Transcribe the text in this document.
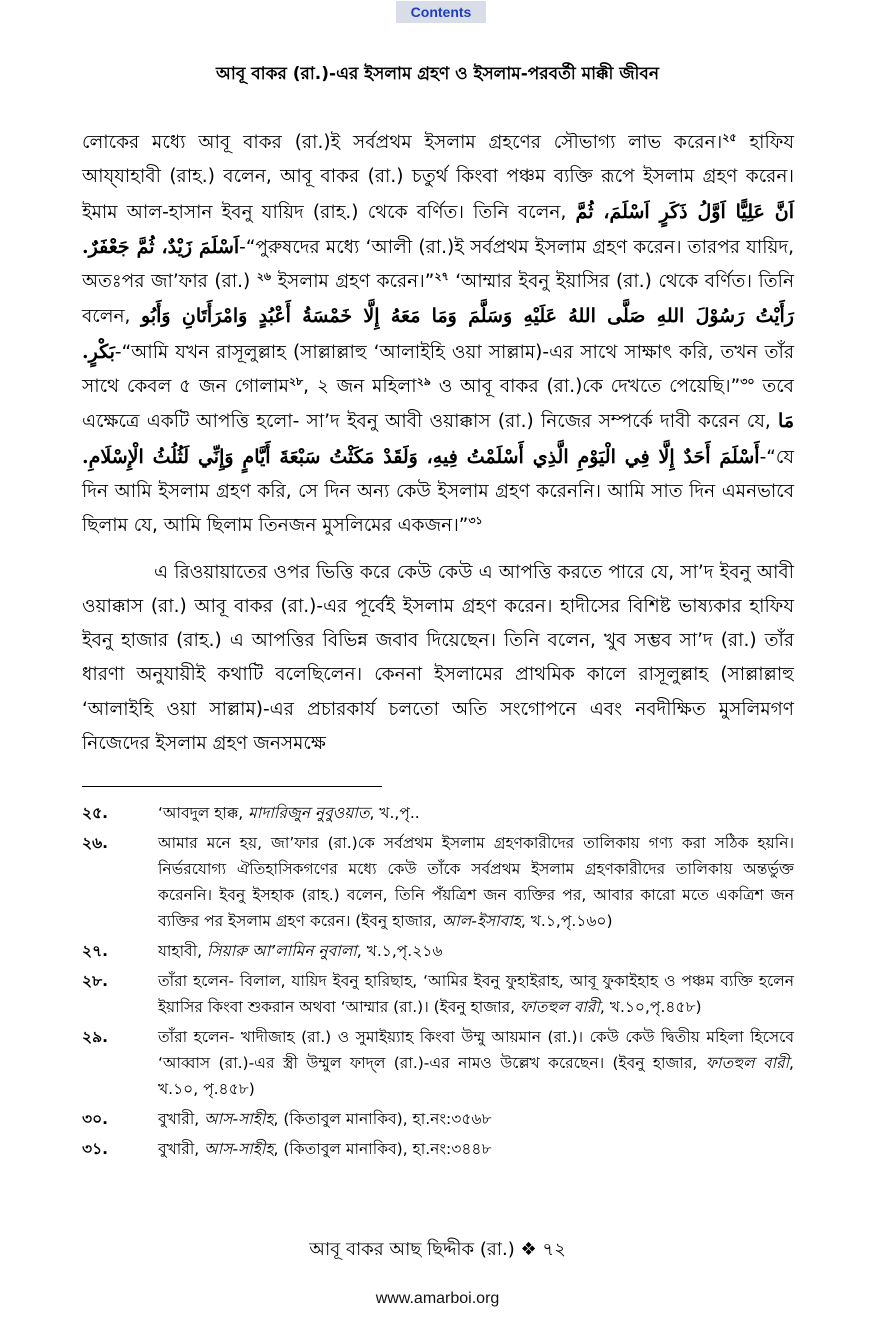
Contents
আবূ বাকর (রা.)-এর ইসলাম গ্রহণ ও ইসলাম-পরবর্তী মাক্কী জীবন

লোকের মধ্যে আবূ বাকর (রা.)ই সর্বপ্রথম ইসলাম গ্রহণের সৌভাগ্য লাভ করেন।$^{২৫}$ হাফিয আয্‌যাহাবী (রাহ.) বলেন, আবূ বাকর (রা.) চতুর্থ কিংবা পঞ্চম ব্যক্তি রূপে ইসলাম গ্রহণ করেন। ইমাম আল-হাসান ইবনু যায়িদ (রাহ.) থেকে বর্ণিত। তিনি বলেন, اَنَّ عَلِيًّا اَوَّلُ ذَكَرٍ اَسْلَمَ، ثُمَّ اَسْلَمَ زَيْدٌ، ثُمَّ جَعْفَرٌ.-“পুরুষদের মধ্যে ‘আলী (রা.)ই সর্বপ্রথম ইসলাম গ্রহণ করেন। তারপর যায়িদ, অতঃপর জা’ফার (রা.) $^{২৬}$ ইসলাম গ্রহণ করেন।”$^{২৭}$ ‘আম্মার ইবনু ইয়াসির (রা.) থেকে বর্ণিত। তিনি বলেন, رَأَيْتُ رَسُوْلَ اللهِ صَلَّى اللهُ عَلَيْهِ وَسَلَّمَ وَمَا مَعَهُ إِلَّا خَمْسَةُ أَعْبُدٍ وَامْرَأَتَانِ وَأَبُو بَكْرٍ.-“আমি যখন রাসূলুল্লাহ (সাল্লাল্লাহু ‘আলাইহি ওয়া সাল্লাম)-এর সাথে সাক্ষাৎ করি, তখন তাঁর সাথে কেবল ৫ জন গোলাম$^{২৮}$, ২ জন মহিলা$^{২৯}$ ও আবূ বাকর (রা.)কে দেখতে পেয়েছি।”$^{৩০}$ তবে এক্ষেত্রে একটি আপত্তি হলো- সা’দ ইবনু আবী ওয়াক্কাস (রা.) নিজের সম্পর্কে দাবী করেন যে, مَا أَسْلَمَ أَحَدٌ إِلَّا فِي الْيَوْمِ الَّذِي أَسْلَمْتُ فِيهِ، وَلَقَدْ مَكَثْتُ سَبْعَةَ أَيَّامٍ وَإِنِّي لَثُلُثُ الْإِسْلَامِ.-“যে দিন আমি ইসলাম গ্রহণ করি, সে দিন অন্য কেউ ইসলাম গ্রহণ করেননি। আমি সাত দিন এমনভাবে ছিলাম যে, আমি ছিলাম তিনজন মুসলিমের একজন।”$^{৩১}$

এ রিওয়ায়াতের ওপর ভিত্তি করে কেউ কেউ এ আপত্তি করতে পারে যে, সা’দ ইবনু আবী ওয়াক্কাস (রা.) আবূ বাকর (রা.)-এর পূর্বেই ইসলাম গ্রহণ করেন। হাদীসের বিশিষ্ট ভাষ্যকার হাফিয ইবনু হাজার (রাহ.) এ আপত্তির বিভিন্ন জবাব দিয়েছেন। তিনি বলেন, খুব সম্ভব সা’দ (রা.) তাঁর ধারণা অনুযায়ীই কথাটি বলেছিলেন। কেননা ইসলামের প্রাথমিক কালে রাসূলুল্লাহ (সাল্লাল্লাহু ‘আলাইহি ওয়া সাল্লাম)-এর প্রচারকার্য চলতো অতি সংগোপনে এবং নবদীক্ষিত মুসলিমগণ নিজেদের ইসলাম গ্রহণ জনসমক্ষে

২৫.	‘আবদুল হাক্ক, মাদারিজুন নুবুওয়াত, খ.,পৃ..
২৬.	আমার মনে হয়, জা’ফার (রা.)কে সর্বপ্রথম ইসলাম গ্রহণকারীদের তালিকায় গণ্য করা সঠিক হয়নি। নির্ভরযোগ্য ঐতিহাসিকগণের মধ্যে কেউ তাঁকে সর্বপ্রথম ইসলাম গ্রহণকারীদের তালিকায় অন্তর্ভুক্ত করেননি। ইবনু ইসহাক (রাহ.) বলেন, তিনি পঁয়ত্রিশ জন ব্যক্তির পর, আবার কারো মতে একত্রিশ জন ব্যক্তির পর ইসলাম গ্রহণ করেন। (ইবনু হাজার, আল-ইসাবাহ, খ.১,পৃ.১৬০)
২৭.	যাহাবী, সিয়ারু আ’লামিন নুবালা, খ.১,পৃ.২১৬
২৮.	তাঁরা হলেন- বিলাল, যায়িদ ইবনু হারিছাহ, ‘আমির ইবনু ফুহাইরাহ, আবূ ফুকাইহাহ ও পঞ্চম ব্যক্তি হলেন ইয়াসির কিংবা শুকরান অথবা ‘আম্মার (রা.)। (ইবনু হাজার, ফাতহুল বারী, খ.১০,পৃ.৪৫৮)
২৯.	তাঁরা হলেন- খাদীজাহ (রা.) ও সুমাইয়্যাহ কিংবা উম্মু আয়মান (রা.)। কেউ কেউ দ্বিতীয় মহিলা হিসেবে ‘আব্বাস (রা.)-এর স্ত্রী উম্মুল ফাদ্‌ল (রা.)-এর নামও উল্লেখ করেছেন। (ইবনু হাজার, ফাতহুল বারী, খ.১০, পৃ.৪৫৮)
৩০.	বুখারী, আস-সাহীহ, (কিতাবুল মানাকিব), হা.নং:৩৫৬৮
৩১.	বুখারী, আস-সাহীহ, (কিতাবুল মানাকিব), হা.নং:৩৪৪৮
আবূ বাকর আছ ছিদ্দীক (রা.) ❖ ৭২
www.amarboi.org
